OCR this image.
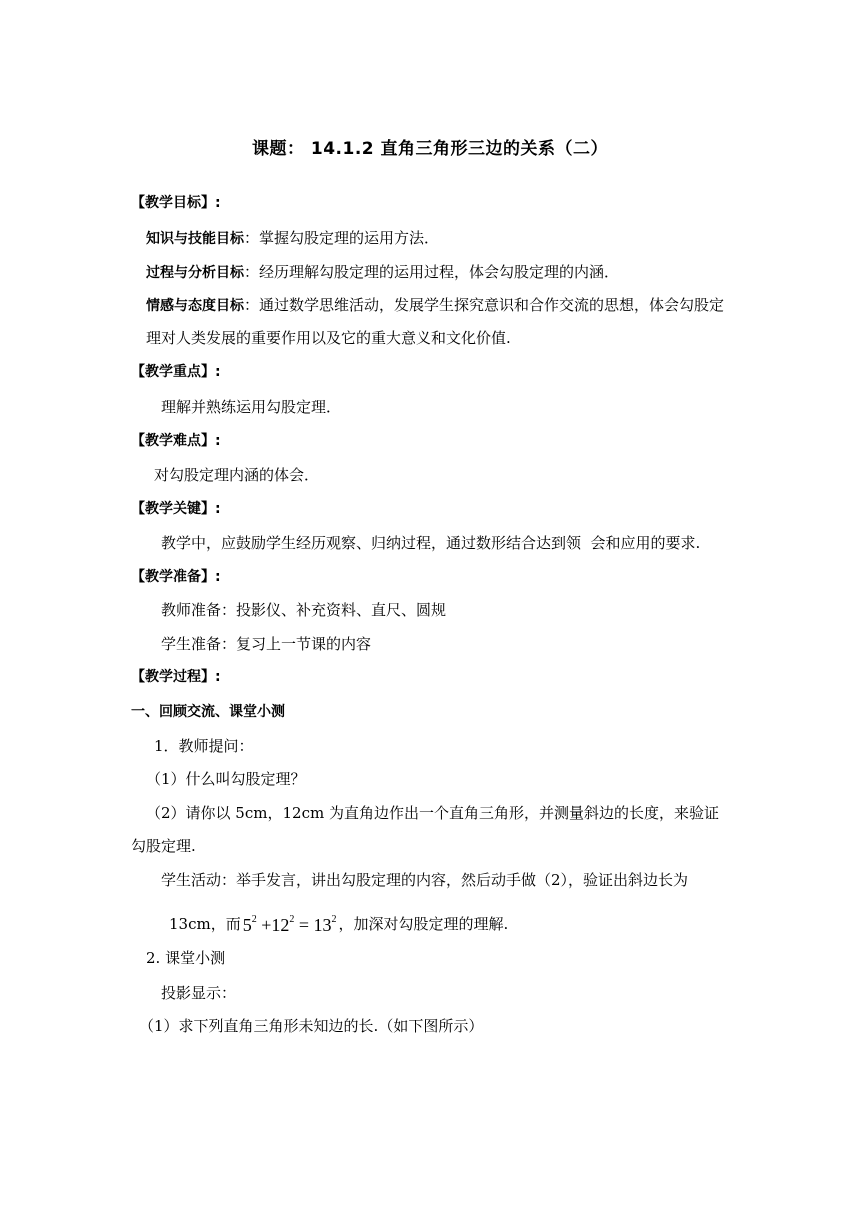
课题： 14.1.2 直角三角形三边的关系（二）
【教学目标】:
知识与技能目标：掌握勾股定理的运用方法．
过程与分析目标：经历理解勾股定理的运用过程，体会勾股定理的内涵．
情感与态度目标：通过数学思维活动，发展学生探究意识和合作交流的思想，体会勾股定
理对人类发展的重要作用以及它的重大意义和文化价值.
【教学重点】:
理解并熟练运用勾股定理．
【教学难点】:
对勾股定理内涵的体会．
【教学关键】:
教学中，应鼓励学生经历观察、归纳过程，通过数形结合达到领  会和应用的要求.
【教学准备】:
教师准备：投影仪、补充资料、直尺、圆规
学生准备：复习上一节课的内容
【教学过程】:
一、回顾交流、课堂小测
1．教师提问：
（1）什么叫勾股定理？
（2）请你以 5cm，12cm 为直角边作出一个直角三角形，并测量斜边的长度，来验证
勾股定理.
学生活动：举手发言，讲出勾股定理的内容，然后动手做（2），验证出斜边长为
13cm，而 $5^2 +12^2 = 13^2$ ，加深对勾股定理的理解.
2. 课堂小测
投影显示：
（1）求下列直角三角形未知边的长.（如下图所示）
